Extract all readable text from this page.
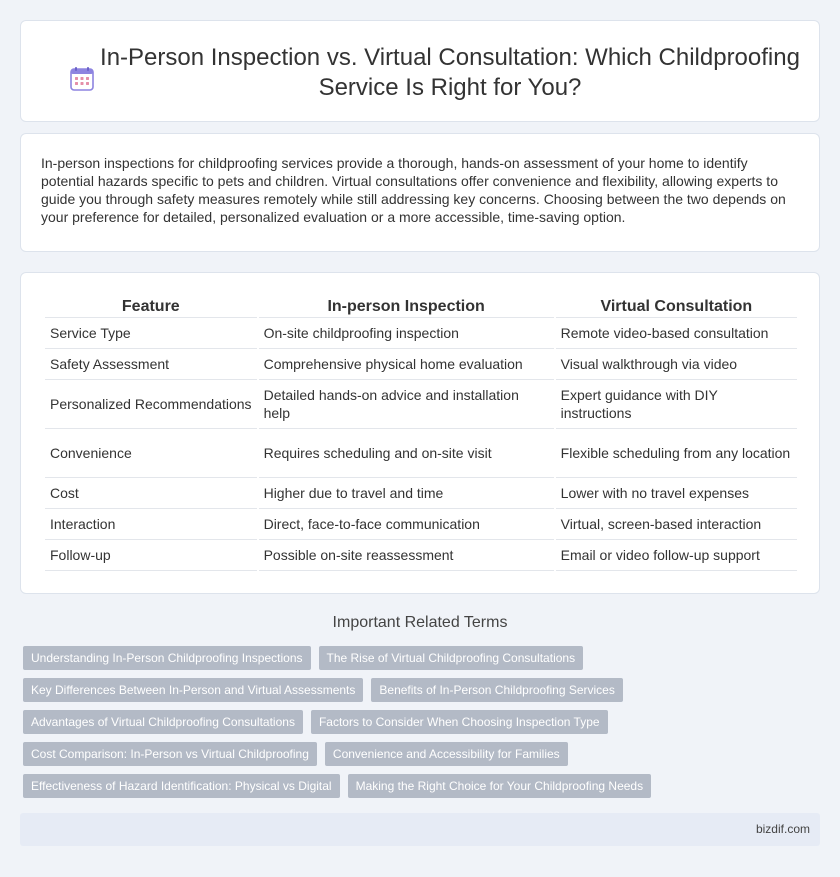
In-Person Inspection vs. Virtual Consultation: Which Childproofing Service Is Right for You?

In-person inspections for childproofing services provide a thorough, hands-on assessment of your home to identify potential hazards specific to pets and children. Virtual consultations offer convenience and flexibility, allowing experts to guide you through safety measures remotely while still addressing key concerns. Choosing between the two depends on your preference for detailed, personalized evaluation or a more accessible, time-saving option.

Feature	In-person Inspection	Virtual Consultation
Service Type	On-site childproofing inspection	Remote video-based consultation
Safety Assessment	Comprehensive physical home evaluation	Visual walkthrough via video
Personalized Recommendations	Detailed hands-on advice and installation help	Expert guidance with DIY instructions
Convenience	Requires scheduling and on-site visit	Flexible scheduling from any location
Cost	Higher due to travel and time	Lower with no travel expenses
Interaction	Direct, face-to-face communication	Virtual, screen-based interaction
Follow-up	Possible on-site reassessment	Email or video follow-up support
Important Related Terms
Understanding In-Person Childproofing Inspections	The Rise of Virtual Childproofing Consultations
Key Differences Between In-Person and Virtual Assessments	Benefits of In-Person Childproofing Services
Advantages of Virtual Childproofing Consultations	Factors to Consider When Choosing Inspection Type
Cost Comparison: In-Person vs Virtual Childproofing	Convenience and Accessibility for Families
Effectiveness of Hazard Identification: Physical vs Digital	Making the Right Choice for Your Childproofing Needs
bizdif.com
